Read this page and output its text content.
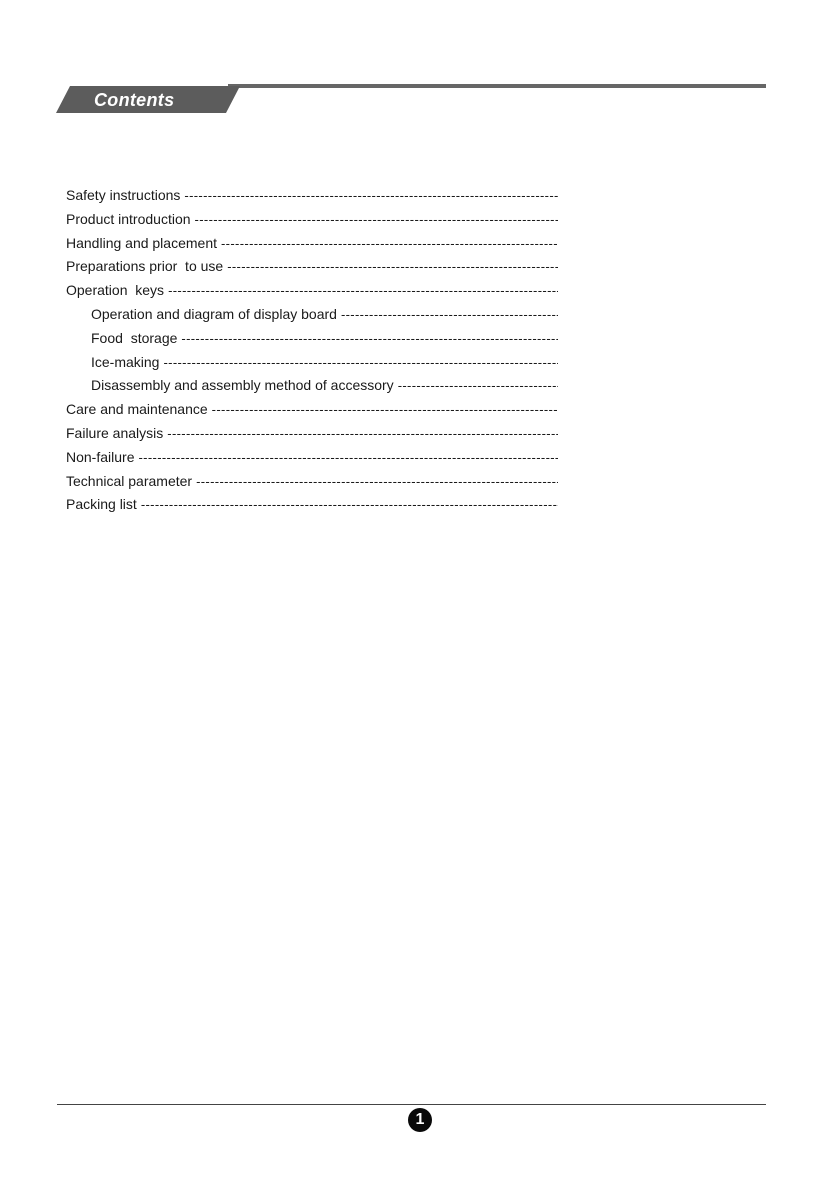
Contents
Safety instructions
-----
Product introduction
-----
Handling and placement
-----
Preparations prior  to use
-----
Operation  keys
-----
Operation and diagram of display board
-----
Food  storage
-----
Ice-making
-----
Disassembly and assembly method of accessory
-----
Care and maintenance
-----
Failure analysis
-----
Non-failure
-----
Technical parameter
-----
Packing list
-----
1
